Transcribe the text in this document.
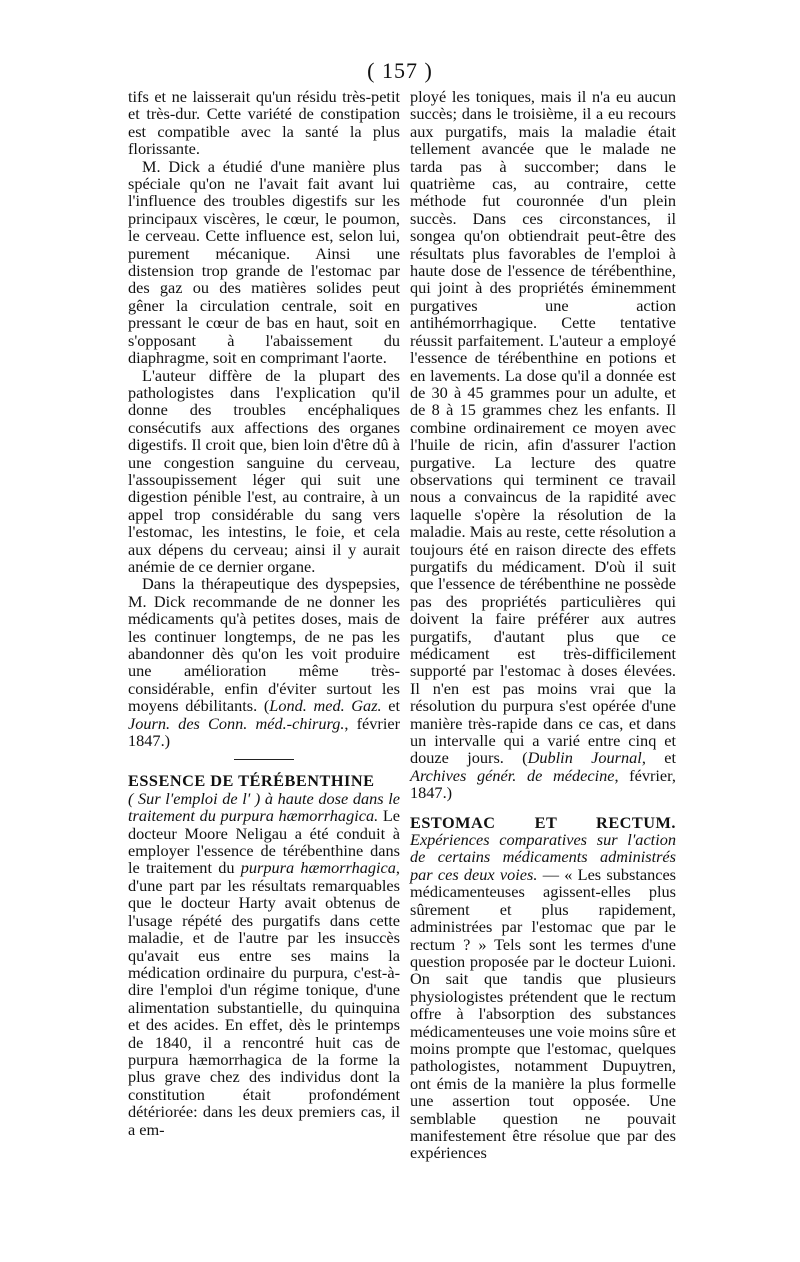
( 157 )

tifs et ne laisserait qu'un résidu très-petit et très-dur. Cette variété de constipation est compatible avec la santé la plus florissante.

M. Dick a étudié d'une manière plus spéciale qu'on ne l'avait fait avant lui l'influence des troubles digestifs sur les principaux viscères, le cœur, le poumon, le cerveau. Cette influence est, selon lui, purement mécanique. Ainsi une distension trop grande de l'estomac par des gaz ou des matières solides peut gêner la circulation centrale, soit en pressant le cœur de bas en haut, soit en s'opposant à l'abaissement du diaphragme, soit en comprimant l'aorte.

L'auteur diffère de la plupart des pathologistes dans l'explication qu'il donne des troubles encéphaliques consécutifs aux affections des organes digestifs. Il croit que, bien loin d'être dû à une congestion sanguine du cerveau, l'assoupissement léger qui suit une digestion pénible l'est, au contraire, à un appel trop considérable du sang vers l'estomac, les intestins, le foie, et cela aux dépens du cerveau; ainsi il y aurait anémie de ce dernier organe.

Dans la thérapeutique des dyspepsies, M. Dick recommande de ne donner les médicaments qu'à petites doses, mais de les continuer longtemps, de ne pas les abandonner dès qu'on les voit produire une amélioration même très-considérable, enfin d'éviter surtout les moyens débilitants. (Lond. med. Gaz. et Journ. des Conn. méd.-chirurg., février 1847.)

ESSENCE DE TÉRÉBENTHINE
( Sur l'emploi de l' ) à haute dose dans le traitement du purpura hæmorrhagica. Le docteur Moore Neligau a été conduit à employer l'essence de térébenthine dans le traitement du purpura hæmorrhagica, d'une part par les résultats remarquables que le docteur Harty avait obtenus de l'usage répété des purgatifs dans cette maladie, et de l'autre par les insuccès qu'avait eus entre ses mains la médication ordinaire du purpura, c'est-à-dire l'emploi d'un régime tonique, d'une alimentation substantielle, du quinquina et des acides. En effet, dès le printemps de 1840, il a rencontré huit cas de purpura hæmorrhagica de la forme la plus grave chez des individus dont la constitution était profondément détériorée: dans les deux premiers cas, il a em-

ployé les toniques, mais il n'a eu aucun succès; dans le troisième, il a eu recours aux purgatifs, mais la maladie était tellement avancée que le malade ne tarda pas à succomber; dans le quatrième cas, au contraire, cette méthode fut couronnée d'un plein succès. Dans ces circonstances, il songea qu'on obtiendrait peut-être des résultats plus favorables de l'emploi à haute dose de l'essence de térébenthine, qui joint à des propriétés éminemment purgatives une action antihémorrhagique. Cette tentative réussit parfaitement. L'auteur a employé l'essence de térébenthine en potions et en lavements. La dose qu'il a donnée est de 30 à 45 grammes pour un adulte, et de 8 à 15 grammes chez les enfants. Il combine ordinairement ce moyen avec l'huile de ricin, afin d'assurer l'action purgative. La lecture des quatre observations qui terminent ce travail nous a convaincus de la rapidité avec laquelle s'opère la résolution de la maladie. Mais au reste, cette résolution a toujours été en raison directe des effets purgatifs du médicament. D'où il suit que l'essence de térébenthine ne possède pas des propriétés particulières qui doivent la faire préférer aux autres purgatifs, d'autant plus que ce médicament est très-difficilement supporté par l'estomac à doses élevées. Il n'en est pas moins vrai que la résolution du purpura s'est opérée d'une manière très-rapide dans ce cas, et dans un intervalle qui a varié entre cinq et douze jours. (Dublin Journal, et Archives génér. de médecine, février, 1847.)

ESTOMAC ET RECTUM. Expériences comparatives sur l'action de certains médicaments administrés par ces deux voies. — « Les substances médicamenteuses agissent-elles plus sûrement et plus rapidement, administrées par l'estomac que par le rectum ? » Tels sont les termes d'une question proposée par le docteur Luioni. On sait que tandis que plusieurs physiologistes prétendent que le rectum offre à l'absorption des substances médicamenteuses une voie moins sûre et moins prompte que l'estomac, quelques pathologistes, notamment Dupuytren, ont émis de la manière la plus formelle une assertion tout opposée. Une semblable question ne pouvait manifestement être résolue que par des expériences
